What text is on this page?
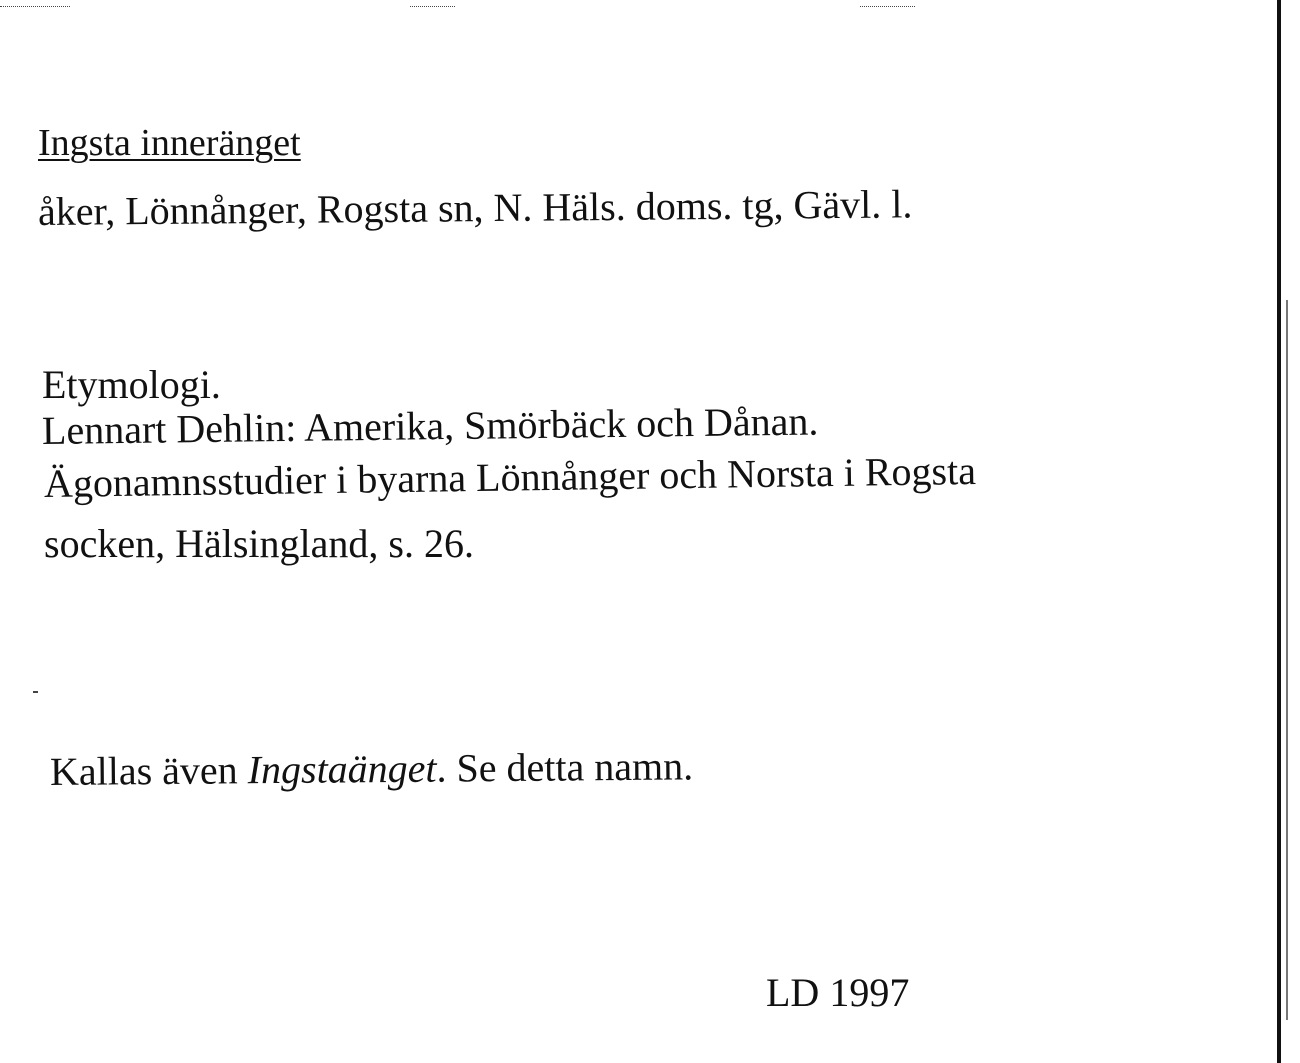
Ingsta inneränget
åker, Lönnånger, Rogsta sn, N. Häls. doms. tg, Gävl. l.
Etymologi.
Lennart Dehlin: Amerika, Smörbäck och Dånan.
Ägonamnsstudier i byarna Lönnånger och Norsta i Rogsta
socken, Hälsingland, s. 26.
Kallas även Ingstaänget. Se detta namn.
LD 1997
